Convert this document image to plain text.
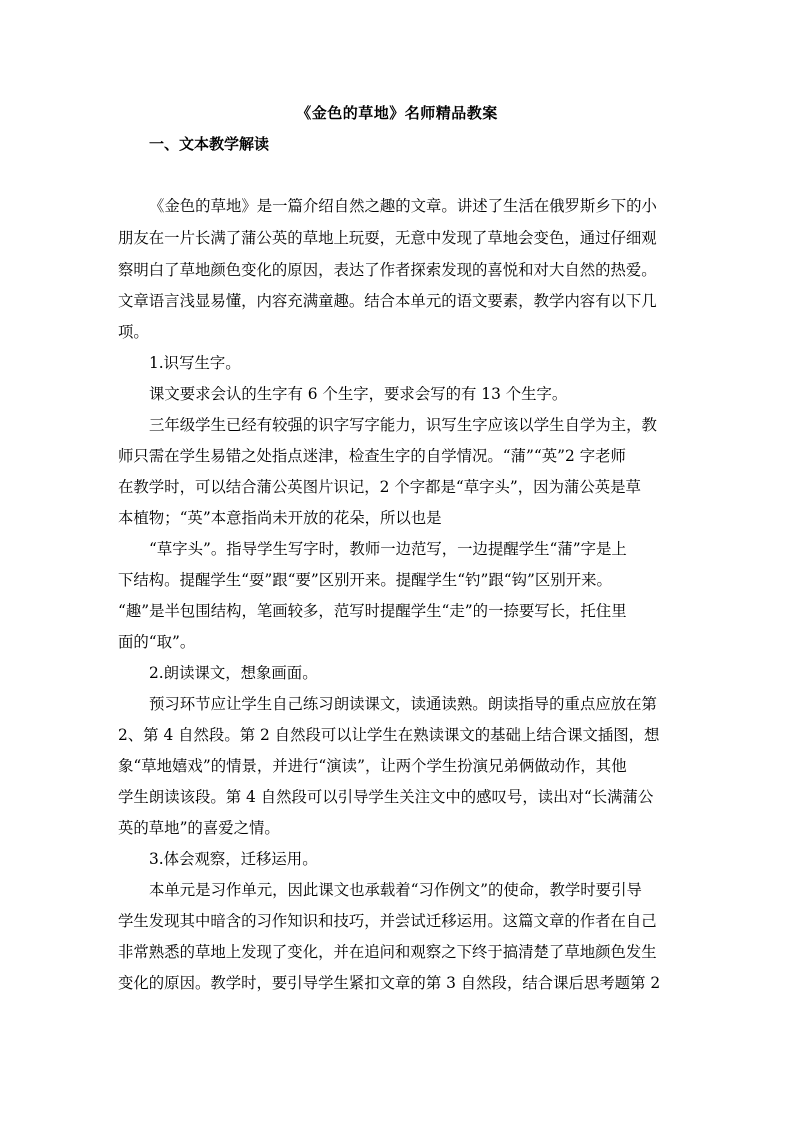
《金色的草地》名师精品教案
一、文本教学解读
《金色的草地》是一篇介绍自然之趣的文章。讲述了生活在俄罗斯乡下的小
朋友在一片长满了蒲公英的草地上玩耍，无意中发现了草地会变色，通过仔细观
察明白了草地颜色变化的原因，表达了作者探索发现的喜悦和对大自然的热爱。
文章语言浅显易懂，内容充满童趣。结合本单元的语文要素，教学内容有以下几
项。
1.识写生字。
课文要求会认的生字有 6 个生字，要求会写的有 13 个生字。
三年级学生已经有较强的识字写字能力，识写生字应该以学生自学为主，教
师只需在学生易错之处指点迷津，检查生字的自学情况。“蒲”“英”2 字老师
在教学时，可以结合蒲公英图片识记，2 个字都是“草字头”，因为蒲公英是草
本植物；“英”本意指尚未开放的花朵，所以也是
“草字头”。指导学生写字时，教师一边范写，一边提醒学生“蒲”字是上
下结构。提醒学生“耍”跟“要”区别开来。提醒学生“钓”跟“钩”区别开来。
“趣”是半包围结构，笔画较多，范写时提醒学生“走”的一捺要写长，托住里
面的“取”。
2.朗读课文，想象画面。
预习环节应让学生自己练习朗读课文，读通读熟。朗读指导的重点应放在第
2、第 4 自然段。第 2 自然段可以让学生在熟读课文的基础上结合课文插图，想
象“草地嬉戏”的情景，并进行“演读”，让两个学生扮演兄弟俩做动作，其他
学生朗读该段。第 4 自然段可以引导学生关注文中的感叹号，读出对“长满蒲公
英的草地”的喜爱之情。
3.体会观察，迁移运用。
本单元是习作单元，因此课文也承载着“习作例文”的使命，教学时要引导
学生发现其中暗含的习作知识和技巧，并尝试迁移运用。这篇文章的作者在自己
非常熟悉的草地上发现了变化，并在追问和观察之下终于搞清楚了草地颜色发生
变化的原因。教学时，要引导学生紧扣文章的第 3 自然段，结合课后思考题第 2
